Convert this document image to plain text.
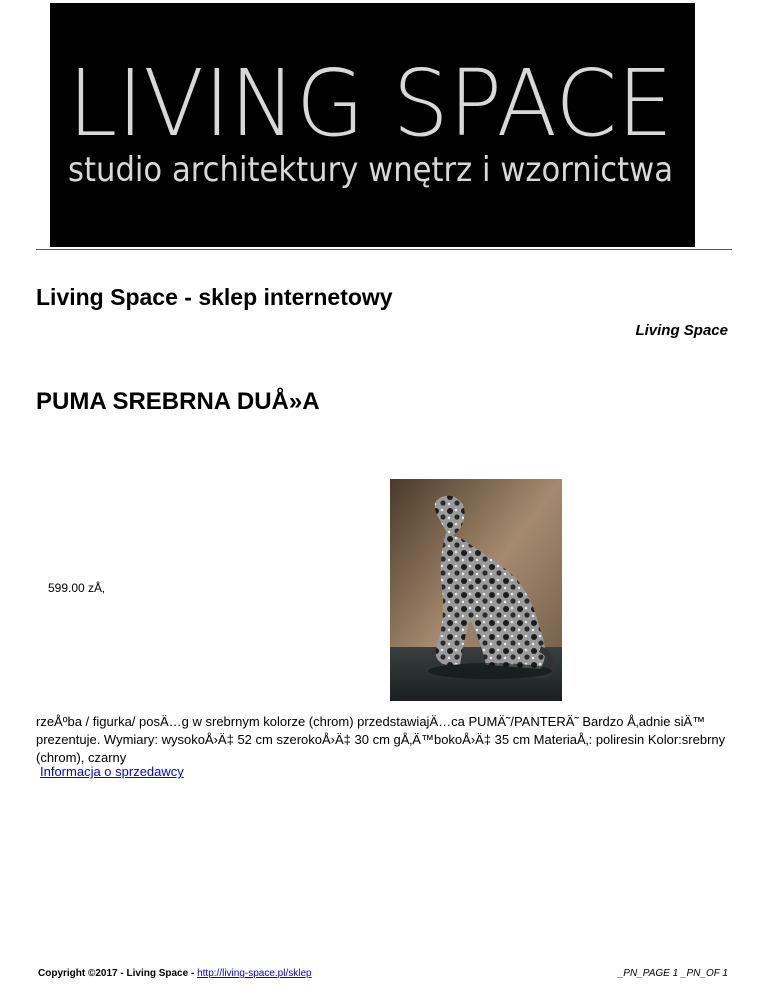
LIVING SPACE
studio architektury wnętrz i wzornictwa
Living Space - sklep internetowy
Living Space
PUMA SREBRNA DUÅ»A
599.00 zÅ‚

rzeÅºba / figurka/ posÄ…g w srebrnym kolorze (chrom) przedstawiajÄ…ca PUMÄ˜/PANTERÄ˜ Bardzo Å‚adnie siÄ™ prezentuje. Wymiary: wysokoÅ›Ä‡ 52 cm szerokoÅ›Ä‡ 30 cm gÅ‚Ä™bokoÅ›Ä‡ 35 cm MateriaÅ‚: poliresin Kolor:srebrny (chrom), czarny

Informacja o sprzedawcy
Copyright ©2017 - Living Space - http://living-space.pl/sklep	_PN_PAGE 1 _PN_OF 1
